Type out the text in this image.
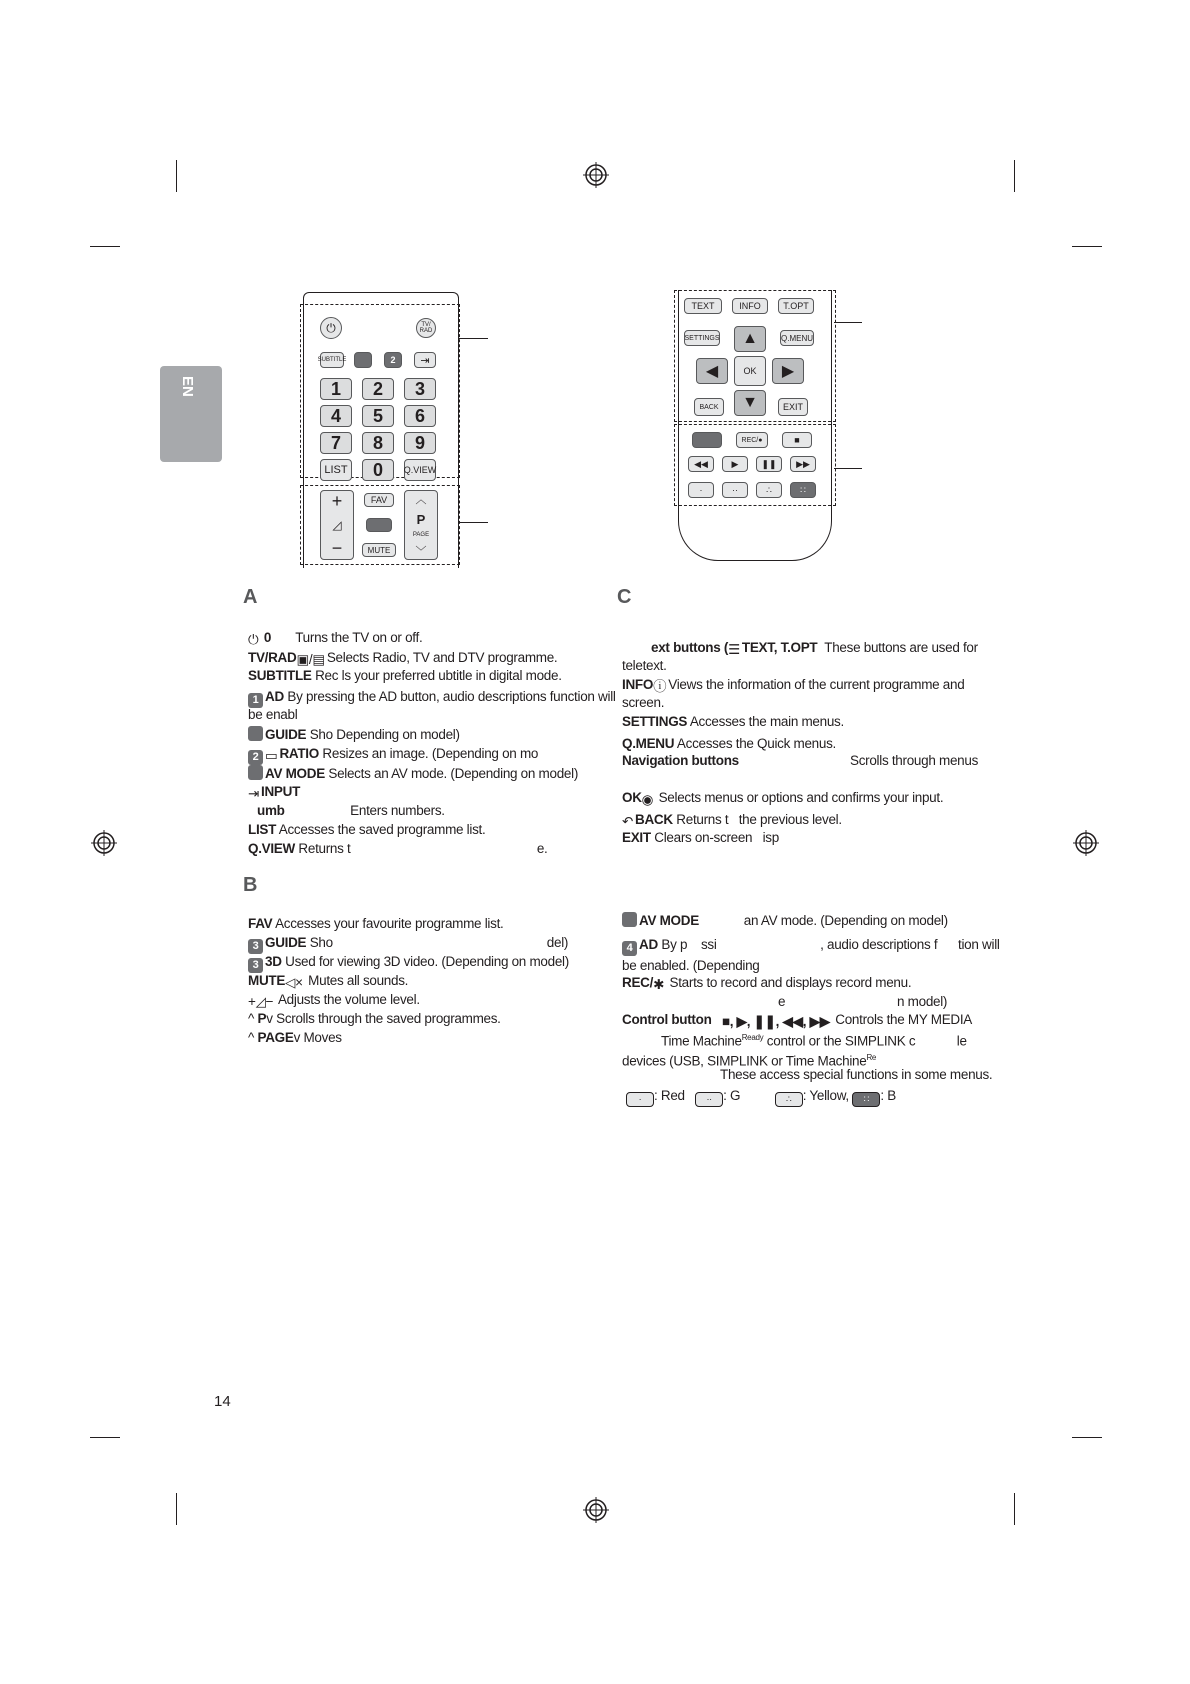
EN
⏻	TV/
RAD
SUBTITLE	2	⇥
1	2	3
4	5	6
7	8	9
LIST	0	Q.VIEW
+
◿
−
FAV
MUTE
︿
P
PAGE
﹀
TEXT	INFO	T.OPT
SETTINGS	Q.MENU
▲
◀	OK	▶
▼
BACK	EXIT
REC/●	■
◀◀	▶	❚❚	▶▶
·	··	∴	∷
A
B
C
⏻ 0 Turns the TV on or off.
TV/RAD▣/▤ Selects Radio, TV and DTV programme.
SUBTITLE Rec ls your preferred ubtitle in digital mode.
1 AD By pressing the AD button, audio descriptions function will
be enabl
GUIDE Sho Depending on model)
2 ▭ RATIO Resizes an image. (Depending on mo
AV MODE Selects an AV mode. (Depending on model)
⇥ INPUT
umb                   Enters numbers.
LIST Accesses the saved programme list.
Q.VIEW Returns t                                                      e.
FAV Accesses your favourite programme list.
3 GUIDE Sho                                                              del)
3 3D Used for viewing 3D video. (Depending on model)
MUTE◁× Mutes all sounds.
+◿− Adjusts the volume level.
^ Pv Scrolls through the saved programmes.
^ PAGEv Moves
ext buttons (☰ TEXT, T.OPT These buttons are used for
teletext.
INFOⓘ Views the information of the current programme and
screen.
SETTINGS Accesses the main menus.
Q.MENU Accesses the Quick menus.
Navigation buttons	Scrolls through menus
OK◉ Selects menus or options and confirms your input.
↶ BACK Returns t   the previous level.
EXIT Clears on-screen   isp
AV MODE	an AV mode. (Depending on model)
4 AD By p    ssi                              , audio descriptions f      tion will
be enabled. (Depending
REC/✱ Starts to record and displays record menu.
e	n model)
Control button ■, ▶, ❚❚, ◀◀, ▶▶ Controls the MY MEDIA
Time Machine$^{Ready}$ control or the SIMPLINK c            le
devices (USB, SIMPLINK or Time Machine$^{Re}$
These access special functions in some menus.
· : Red ·· : G	∴ : Yellow, ∷ : B
14
